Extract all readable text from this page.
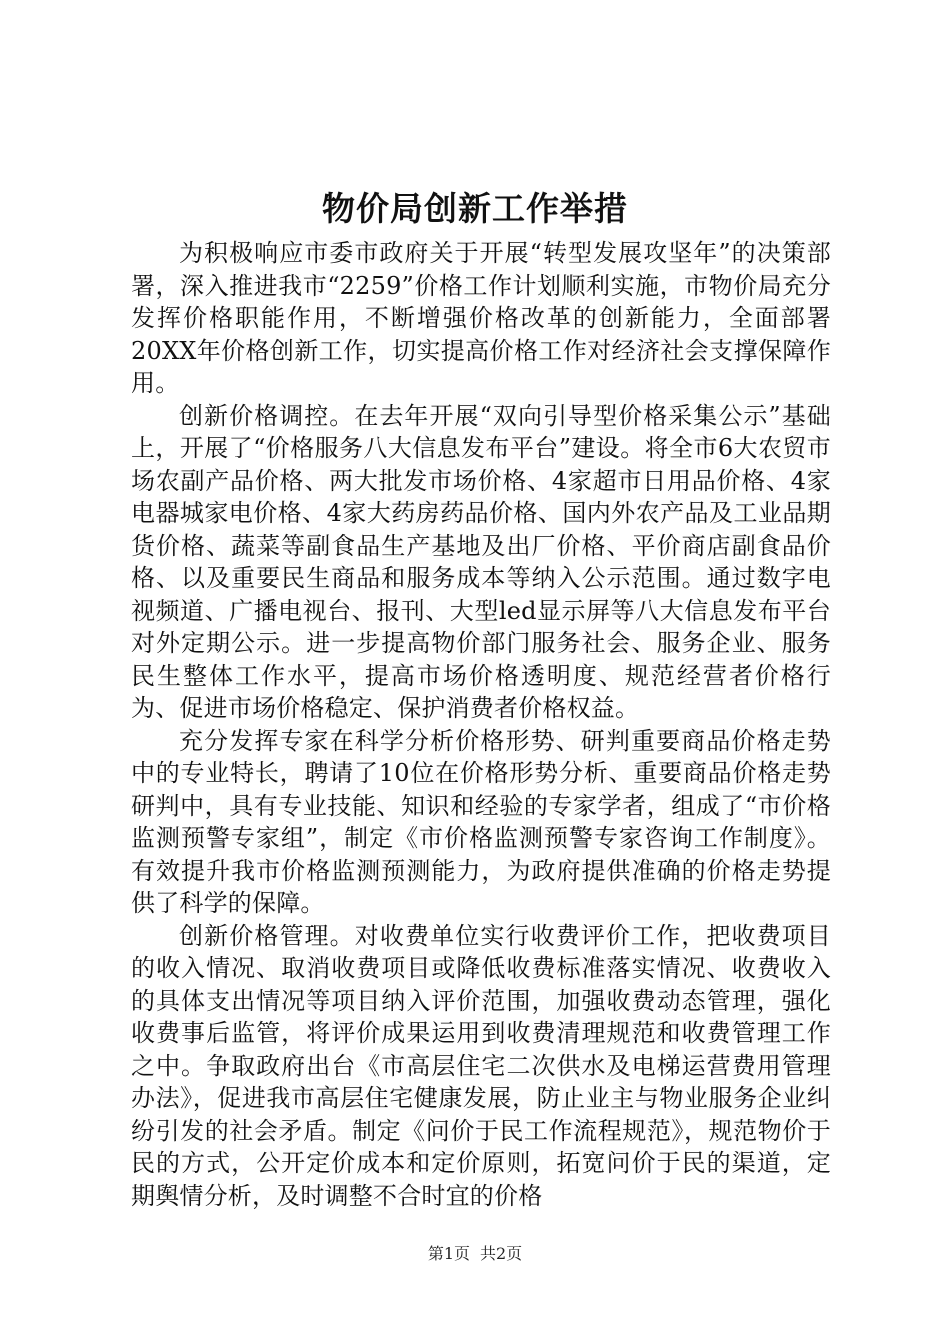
物价局创新工作举措

为积极响应市委市政府关于开展“转型发展攻坚年”的决策部署，深入推进我市“2259”价格工作计划顺利实施，市物价局充分发挥价格职能作用，不断增强价格改革的创新能力，全面部署20XX年价格创新工作，切实提高价格工作对经济社会支撑保障作用。

创新价格调控。在去年开展“双向引导型价格采集公示”基础上，开展了“价格服务八大信息发布平台”建设。将全市6大农贸市场农副产品价格、两大批发市场价格、4家超市日用品价格、4家电器城家电价格、4家大药房药品价格、国内外农产品及工业品期货价格、蔬菜等副食品生产基地及出厂价格、平价商店副食品价格、以及重要民生商品和服务成本等纳入公示范围。通过数字电视频道、广播电视台、报刊、大型led显示屏等八大信息发布平台对外定期公示。进一步提高物价部门服务社会、服务企业、服务民生整体工作水平，提高市场价格透明度、规范经营者价格行为、促进市场价格稳定、保护消费者价格权益。

充分发挥专家在科学分析价格形势、研判重要商品价格走势中的专业特长，聘请了10位在价格形势分析、重要商品价格走势研判中，具有专业技能、知识和经验的专家学者，组成了“市价格监测预警专家组”，制定《市价格监测预警专家咨询工作制度》。有效提升我市价格监测预测能力，为政府提供准确的价格走势提供了科学的保障。

创新价格管理。对收费单位实行收费评价工作，把收费项目的收入情况、取消收费项目或降低收费标准落实情况、收费收入的具体支出情况等项目纳入评价范围，加强收费动态管理，强化收费事后监管，将评价成果运用到收费清理规范和收费管理工作之中。争取政府出台《市高层住宅二次供水及电梯运营费用管理办法》，促进我市高层住宅健康发展，防止业主与物业服务企业纠纷引发的社会矛盾。制定《问价于民工作流程规范》，规范物价于民的方式，公开定价成本和定价原则，拓宽问价于民的渠道，定期舆情分析，及时调整不合时宜的价格

第1页 共2页
